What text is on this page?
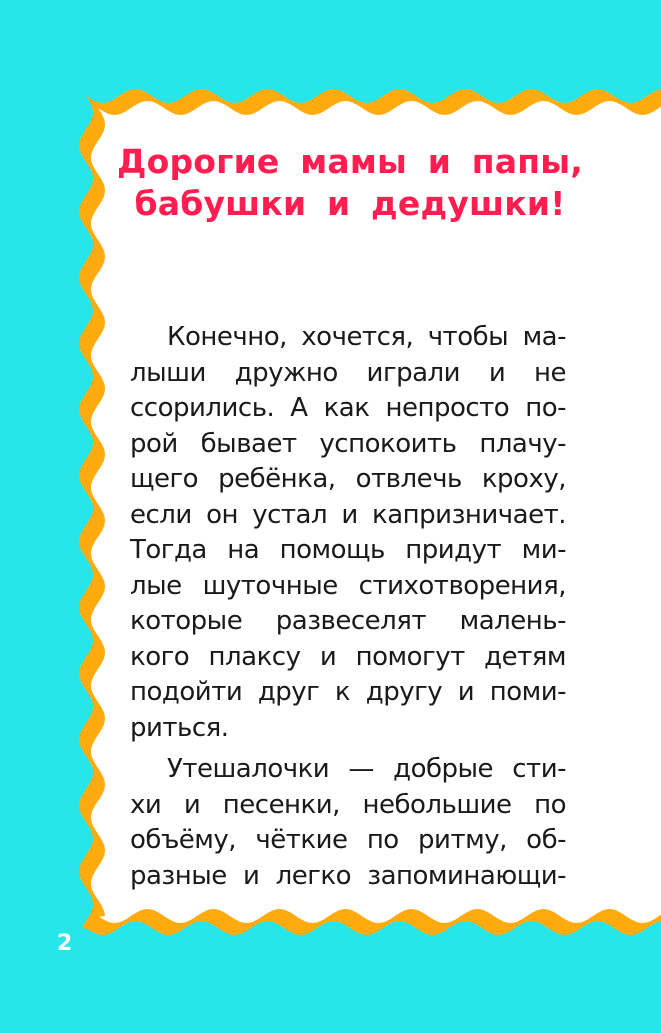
Дорогие мамы и папы,
бабушки и дедушки!
Конечно, хочется, чтобы ма-
лыши дружно играли и не
ссорились. А как непросто по-
рой бывает успокоить плачу-
щего ребёнка, отвлечь кроху,
если он устал и капризничает.
Тогда на помощь придут ми-
лые шуточные стихотворения,
которые развеселят малень-
кого плаксу и помогут детям
подойти друг к другу и поми-
риться.
Утешалочки — добрые сти-
хи и песенки, небольшие по
объёму, чёткие по ритму, об-
разные и легко запоминающи-
2
